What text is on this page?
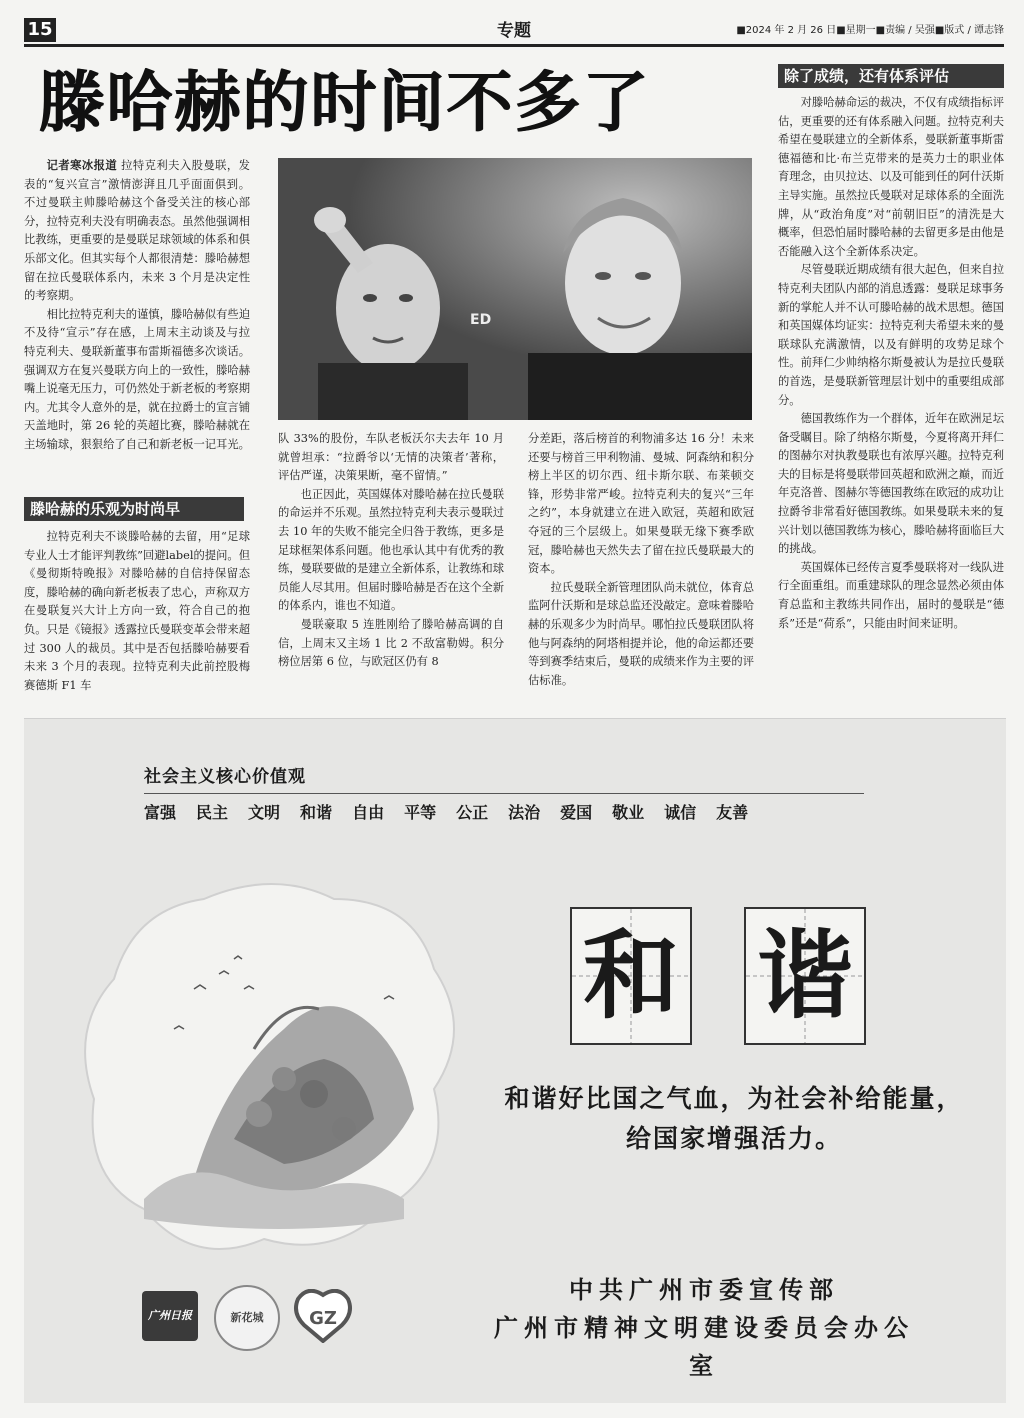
15	专题	■2024 年 2 月 26 日■星期一■责编 / 吴强■版式 / 谭志锋
滕哈赫的时间不多了
ED

记者寒冰报道 拉特克利夫入股曼联，发表的“复兴宣言”激情澎湃且几乎面面俱到。不过曼联主帅滕哈赫这个备受关注的核心部分，拉特克利夫没有明确表态。虽然他强调相比教练，更重要的是曼联足球领域的体系和俱乐部文化。但其实每个人都很清楚：滕哈赫想留在拉氏曼联体系内，未来 3 个月是决定性的考察期。

相比拉特克利夫的谨慎，滕哈赫似有些迫不及待“宣示”存在感，上周末主动谈及与拉特克利夫、曼联新董事布雷斯福德多次谈话。强调双方在复兴曼联方向上的一致性，滕哈赫嘴上说毫无压力，可仍然处于新老板的考察期内。尤其令人意外的是，就在拉爵士的宣言铺天盖地时，第 26 轮的英超比赛，滕哈赫就在主场输球，狠狠给了自己和新老板一记耳光。

滕哈赫的乐观为时尚早

拉特克利夫不谈滕哈赫的去留，用“足球专业人士才能评判教练”回避label的提问。但《曼彻斯特晚报》对滕哈赫的自信持保留态度，滕哈赫的确向新老板表了忠心，声称双方在曼联复兴大计上方向一致，符合自己的抱负。只是《镜报》透露拉氏曼联变革会带来超过 300 人的裁员。其中是否包括滕哈赫要看未来 3 个月的表现。拉特克利夫此前控股梅赛德斯 F1 车

队 33%的股份，车队老板沃尔夫去年 10 月就曾坦承：“拉爵爷以‘无情的决策者’著称，评估严谨，决策果断，毫不留情。”

也正因此，英国媒体对滕哈赫在拉氏曼联的命运并不乐观。虽然拉特克利夫表示曼联过去 10 年的失败不能完全归咎于教练，更多是足球框架体系问题。他也承认其中有优秀的教练，曼联要做的是建立全新体系，让教练和球员能人尽其用。但届时滕哈赫是否在这个全新的体系内，谁也不知道。

曼联豪取 5 连胜刚给了滕哈赫高调的自信，上周末又主场 1 比 2 不敌富勒姆。积分榜位居第 6 位，与欧冠区仍有 8

分差距，落后榜首的利物浦多达 16 分！未来还要与榜首三甲利物浦、曼城、阿森纳和积分榜上半区的切尔西、纽卡斯尔联、布莱顿交锋，形势非常严峻。拉特克利夫的复兴“三年之约”，本身就建立在进入欧冠，英超和欧冠夺冠的三个层级上。如果曼联无缘下赛季欧冠，滕哈赫也天然失去了留在拉氏曼联最大的资本。

拉氏曼联全新管理团队尚未就位，体育总监阿什沃斯和是球总监还没敲定。意味着滕哈赫的乐观多少为时尚早。哪怕拉氏曼联团队将他与阿森纳的阿塔相提并论，他的命运都还要等到赛季结束后，曼联的成绩来作为主要的评估标准。

除了成绩，还有体系评估

对滕哈赫命运的裁决，不仅有成绩指标评估，更重要的还有体系融入问题。拉特克利夫希望在曼联建立的全新体系，曼联新董事斯雷德福德和比·布兰克带来的是英力士的职业体育理念，由贝拉达、以及可能到任的阿什沃斯主导实施。虽然拉氏曼联对足球体系的全面洗牌，从“政治角度”对“前朝旧臣”的清洗是大概率，但恐怕届时滕哈赫的去留更多是由他是否能融入这个全新体系决定。

尽管曼联近期成绩有很大起色，但来自拉特克利夫团队内部的消息透露：曼联足球事务新的掌舵人并不认可滕哈赫的战术思想。德国和英国媒体均证实：拉特克利夫希望未来的曼联球队充满激情，以及有鲜明的攻势足球个性。前拜仁少帅纳格尔斯曼被认为是拉氏曼联的首选，是曼联新管理层计划中的重要组成部分。

德国教练作为一个群体，近年在欧洲足坛备受瞩目。除了纳格尔斯曼，今夏将离开拜仁的图赫尔对执教曼联也有浓厚兴趣。拉特克利夫的目标是将曼联带回英超和欧洲之巅，而近年克洛普、图赫尔等德国教练在欧冠的成功让拉爵爷非常看好德国教练。如果曼联未来的复兴计划以德国教练为核心，滕哈赫将面临巨大的挑战。

英国媒体已经传言夏季曼联将对一线队进行全面重组。而重建球队的理念显然必须由体育总监和主教练共同作出，届时的曼联是“德系”还是“荷系”，只能由时间来证明。

社会主义核心价值观
富强 民主 文明 和谐 自由 平等 公正 法治 爱国 敬业 诚信 友善
和 谐
和谐好比国之气血，为社会补给能量，
给国家增强活力。
中共广州市委宣传部
广州市精神文明建设委员会办公室
广州日报	新花城	GZ
